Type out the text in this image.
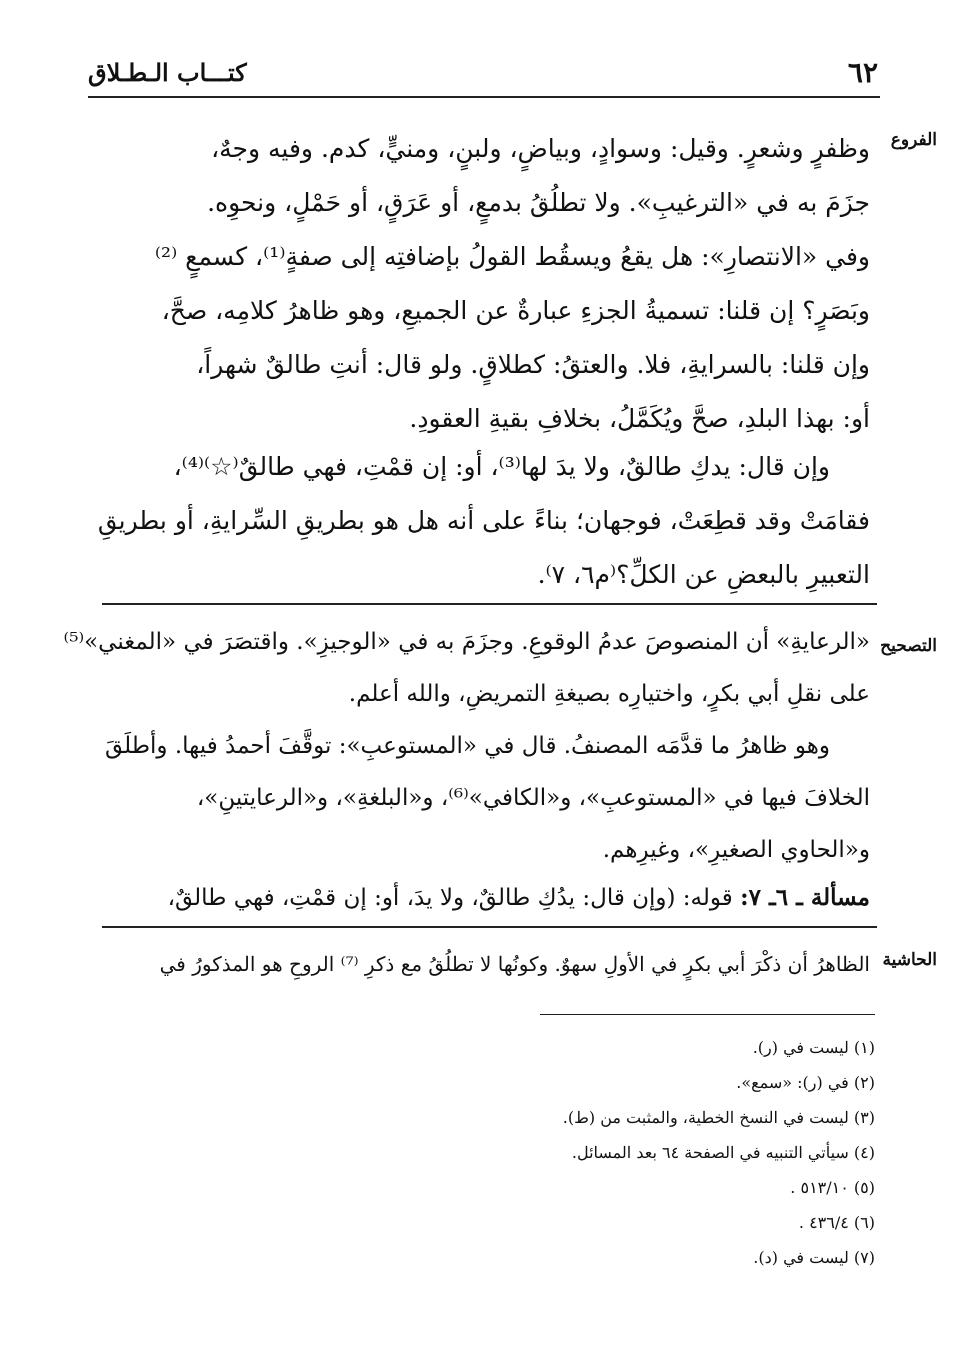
٦٢
كتـــاب الـطـلاق
الفروع
وظفرٍ وشعرٍ. وقيل: وسوادٍ، وبياضٍ، ولبنٍ، ومنيٍّ، كدم. وفيه وجهٌ،
جزَمَ به في «الترغيبِ». ولا تطلُقُ بدمعٍ، أو عَرَقٍ، أو حَمْلٍ، ونحوِه.
وفي «الانتصارِ»: هل يقعُ ويسقُط القولُ بإضافتِه إلى صفةٍ⁽¹⁾، كسمعٍ ⁽²⁾
وبَصَرٍ؟ إن قلنا: تسميةُ الجزءِ عبارةٌ عن الجميعِ، وهو ظاهرُ كلامِه، صحَّ،
وإن قلنا: بالسرايةِ، فلا. والعتقُ: كطلاقٍ. ولو قال: أنتِ طالقٌ شهراً،
أو: بهذا البلدِ، صحَّ ويُكَمَّلُ، بخلافِ بقيةِ العقودِ.
وإن قال: يدكِ طالقٌ، ولا يدَ لها⁽³⁾، أو: إن قمْتِ، فهي طالقٌ⁽☆⁾⁽⁴⁾،
فقامَتْ وقد قطِعَتْ، فوجهان؛ بناءً على أنه هل هو بطريقِ السِّرايةِ، أو بطريقِ
التعبيرِ بالبعضِ عن الكلِّ؟⁽م٦، ٧⁾.
التصحيح
«الرعايةِ» أن المنصوصَ عدمُ الوقوعِ. وجزَمَ به في «الوجيزِ». واقتصَرَ في «المغني»⁽⁵⁾
على نقلِ أبي بكرٍ، واختيارِه بصيغةِ التمريضِ، والله أعلم.
وهو ظاهرُ ما قدَّمَه المصنفُ. قال في «المستوعبِ»: توقَّفَ أحمدُ فيها. وأطلَقَ
الخلافَ فيها في «المستوعبِ»، و«الكافي»⁽⁶⁾، و«البلغةِ»، و«الرعايتينِ»،
و«الحاوي الصغيرِ»، وغيرِهم.
مسألة ـ ٦ـ ٧: قوله: (وإن قال: يدُكِ طالقٌ، ولا يدَ، أو: إن قمْتِ، فهي طالقٌ،
الحاشية
الظاهرُ أن ذكْرَ أبي بكرٍ في الأولِ سهوٌ. وكونُها لا تطلُقُ مع ذكرِ ⁽⁷⁾ الروحِ هو المذكورُ في
(١) ليست في (ر).
(٢) في (ر): «سمع».
(٣) ليست في النسخ الخطية، والمثبت من (ط).
(٤) سيأتي التنبيه في الصفحة ٦٤ بعد المسائل.
(٥) ٥١٣/١٠ .
(٦) ٤٣٦/٤ .
(٧) ليست في (د).
